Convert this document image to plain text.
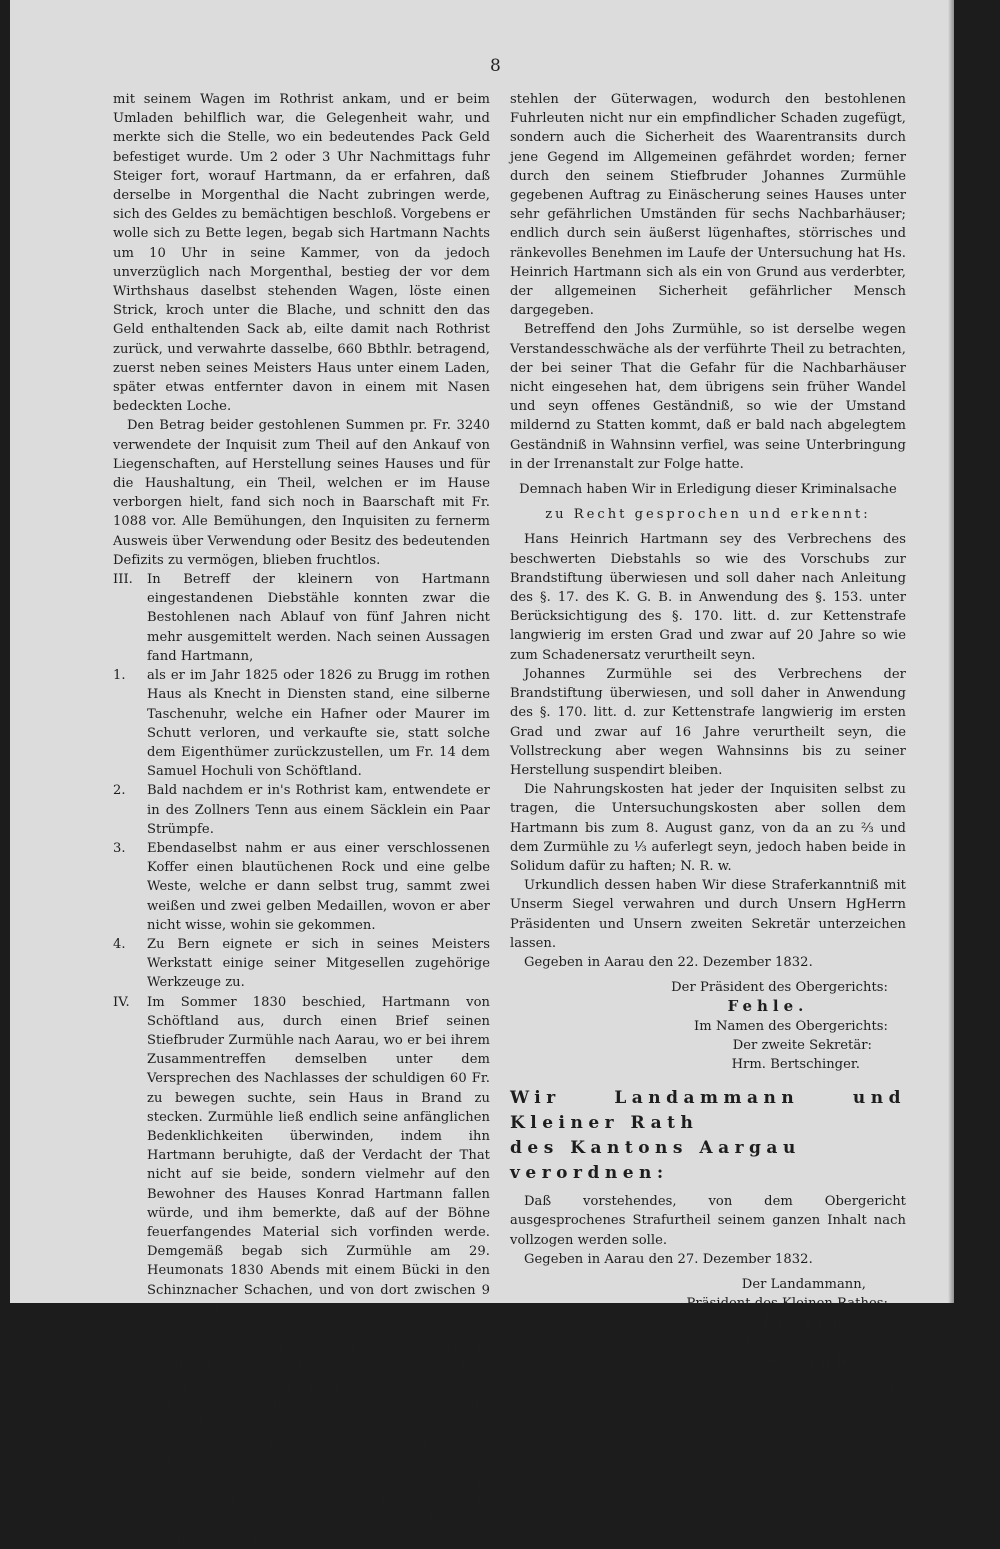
8

mit seinem Wagen im Rothrist ankam, und er beim Umladen behilflich war, die Gelegenheit wahr, und merkte sich die Stelle, wo ein bedeutendes Pack Geld befestiget wurde. Um 2 oder 3 Uhr Nachmittags fuhr Steiger fort, worauf Hartmann, da er erfahren, daß derselbe in Morgenthal die Nacht zubringen werde, sich des Geldes zu bemächtigen beschloß. Vorgebens er wolle sich zu Bette legen, begab sich Hartmann Nachts um 10 Uhr in seine Kammer, von da jedoch unverzüglich nach Morgenthal, bestieg der vor dem Wirthshaus daselbst stehenden Wagen, löste einen Strick, kroch unter die Blache, und schnitt den das Geld enthaltenden Sack ab, eilte damit nach Rothrist zurück, und verwahrte dasselbe, 660 Bbthlr. betragend, zuerst neben seines Meisters Haus unter einem Laden, später etwas entfernter davon in einem mit Nasen bedeckten Loche.

Den Betrag beider gestohlenen Summen pr. Fr. 3240 verwendete der Inquisit zum Theil auf den Ankauf von Liegenschaften, auf Herstellung seines Hauses und für die Haushaltung, ein Theil, welchen er im Hause verborgen hielt, fand sich noch in Baarschaft mit Fr. 1088 vor. Alle Bemühungen, den Inquisiten zu fernerm Ausweis über Verwendung oder Besitz des bedeutenden Defizits zu vermögen, blieben fruchtlos.

III.	In Betreff der kleinern von Hartmann eingestandenen Diebstähle konnten zwar die Bestohlenen nach Ablauf von fünf Jahren nicht mehr ausgemittelt werden. Nach seinen Aussagen fand Hartmann,
1.	als er im Jahr 1825 oder 1826 zu Brugg im rothen Haus als Knecht in Diensten stand, eine silberne Taschenuhr, welche ein Hafner oder Maurer im Schutt verloren, und verkaufte sie, statt solche dem Eigenthümer zurückzustellen, um Fr. 14 dem Samuel Hochuli von Schöftland.
2.	Bald nachdem er in's Rothrist kam, entwendete er in des Zollners Tenn aus einem Säcklein ein Paar Strümpfe.
3.	Ebendaselbst nahm er aus einer verschlossenen Koffer einen blautüchenen Rock und eine gelbe Weste, welche er dann selbst trug, sammt zwei weißen und zwei gelben Medaillen, wovon er aber nicht wisse, wohin sie gekommen.
4.	Zu Bern eignete er sich in seines Meisters Werkstatt einige seiner Mitgesellen zugehörige Werkzeuge zu.
IV.	Im Sommer 1830 beschied, Hartmann von Schöftland aus, durch einen Brief seinen Stiefbruder Zurmühle nach Aarau, wo er bei ihrem Zusammentreffen demselben unter dem Versprechen des Nachlasses der schuldigen 60 Fr. zu bewegen suchte, sein Haus in Brand zu stecken. Zurmühle ließ endlich seine anfänglichen Bedenklichkeiten überwinden, indem ihn Hartmann beruhigte, daß der Verdacht der That nicht auf sie beide, sondern vielmehr auf den Bewohner des Hauses Konrad Hartmann fallen würde, und ihm bemerkte, daß auf der Böhne feuerfangendes Material sich vorfinden werde. Demgemäß begab sich Zurmühle am 29. Heumonats 1830 Abends mit einem Bücki in den Schinznacher Schachen, und von dort zwischen 9 und 10 Uhr, nach Villnachern, gelangte daselbst durch das unverschlossene Hinterthürlein in die Scheuer des fraglichen Hauses, und warf ein Büschelchen Schwefelholz mit daran gebundenem brennendem Zunder in die Ecke der Böhne, worauf er sich entfernte. Zwischen 1 und 2 Uhr brach das Feuer in lichte Flammen aus, wurde aber durch schnell geleistete Hülfe im Entstehen gedämpft, ansonst sechs nahe stehende Strohhäuser in große Gefahr gerathen wären, und es zeigten sich, wie der richterliche Augenschein darthat, bedeutende Brandmahle. Durch dieses zweimalige arglistige Be-

stehlen der Güterwagen, wodurch den bestohlenen Fuhrleuten nicht nur ein empfindlicher Schaden zugefügt, sondern auch die Sicherheit des Waarentransits durch jene Gegend im Allgemeinen gefährdet worden; ferner durch den seinem Stiefbruder Johannes Zurmühle gegebenen Auftrag zu Einäscherung seines Hauses unter sehr gefährlichen Umständen für sechs Nachbarhäuser; endlich durch sein äußerst lügenhaftes, störrisches und ränkevolles Benehmen im Laufe der Untersuchung hat Hs. Heinrich Hartmann sich als ein von Grund aus verderbter, der allgemeinen Sicherheit gefährlicher Mensch dargegeben.

Betreffend den Johs Zurmühle, so ist derselbe wegen Verstandesschwäche als der verführte Theil zu betrachten, der bei seiner That die Gefahr für die Nachbarhäuser nicht eingesehen hat, dem übrigens sein früher Wandel und seyn offenes Geständniß, so wie der Umstand mildernd zu Statten kommt, daß er bald nach abgelegtem Geständniß in Wahnsinn verfiel, was seine Unterbringung in der Irrenanstalt zur Folge hatte.

Demnach haben Wir in Erledigung dieser Kriminalsache

zu Recht gesprochen und erkennt:

Hans Heinrich Hartmann sey des Verbrechens des beschwerten Diebstahls so wie des Vorschubs zur Brandstiftung überwiesen und soll daher nach Anleitung des §. 17. des K. G. B. in Anwendung des §. 153. unter Berücksichtigung des §. 170. litt. d. zur Kettenstrafe langwierig im ersten Grad und zwar auf 20 Jahre so wie zum Schadenersatz verurtheilt seyn.

Johannes Zurmühle sei des Verbrechens der Brandstiftung überwiesen, und soll daher in Anwendung des §. 170. litt. d. zur Kettenstrafe langwierig im ersten Grad und zwar auf 16 Jahre verurtheilt seyn, die Vollstreckung aber wegen Wahnsinns bis zu seiner Herstellung suspendirt bleiben.

Die Nahrungskosten hat jeder der Inquisiten selbst zu tragen, die Untersuchungskosten aber sollen dem Hartmann bis zum 8. August ganz, von da an zu ⅔ und dem Zurmühle zu ⅓ auferlegt seyn, jedoch haben beide in Solidum dafür zu haften; N. R. w.

Urkundlich dessen haben Wir diese Straferkanntniß mit Unserm Siegel verwahren und durch Unsern HgHerrn Präsidenten und Unsern zweiten Sekretär unterzeichen lassen.

Gegeben in Aarau den 22. Dezember 1832.

Der Präsident des Obergerichts:

Fehle.

Im Namen des Obergerichts:

Der zweite Sekretär:

Hrm. Bertschinger.

Wir Landammann und Kleiner Rath

des Kantons Aargau

verordnen:

Daß vorstehendes, von dem Obergericht ausgesprochenes Strafurtheil seinem ganzen Inhalt nach vollzogen werden solle.

Gegeben in Aarau den 27. Dezember 1832.

Der Landammann,

Präsident des Kleinen Rathes:

Fetzer.

Der Staatsschreiber:

Strauß.

Aus Auftrag bekannt gemacht	Kanzlei Aargau.
